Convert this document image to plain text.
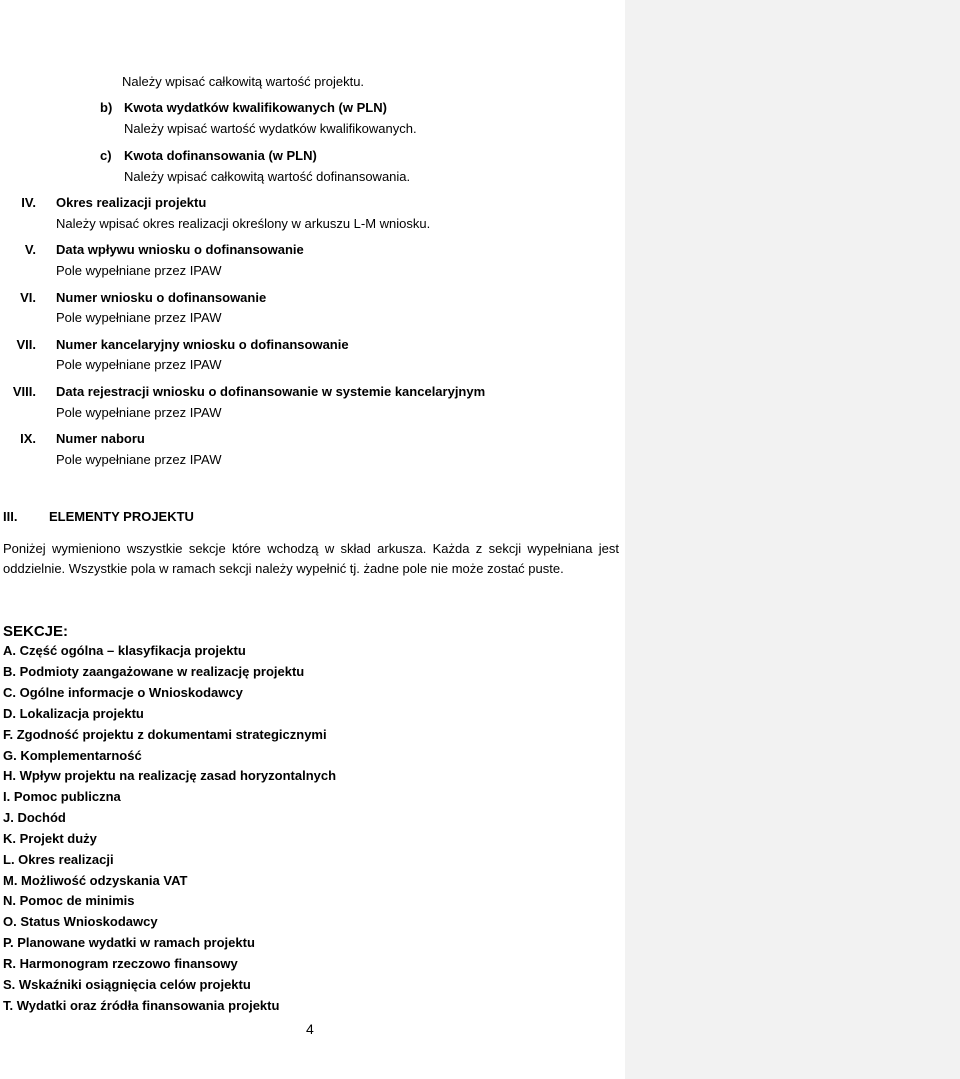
Należy wpisać całkowitą wartość projektu.
b) Kwota wydatków kwalifikowanych (w PLN)
Należy wpisać wartość wydatków kwalifikowanych.
c) Kwota dofinansowania (w PLN)
Należy wpisać całkowitą wartość dofinansowania.
IV. Okres realizacji projektu
Należy wpisać okres realizacji określony w arkuszu L-M wniosku.
V. Data wpływu wniosku o dofinansowanie
Pole wypełniane przez IPAW
VI. Numer wniosku o dofinansowanie
Pole wypełniane przez IPAW
VII. Numer kancelaryjny wniosku o dofinansowanie
Pole wypełniane przez IPAW
VIII. Data rejestracji wniosku o dofinansowanie w systemie kancelaryjnym
Pole wypełniane przez IPAW
IX. Numer naboru
Pole wypełniane przez IPAW
III. ELEMENTY PROJEKTU
Poniżej wymieniono wszystkie sekcje które wchodzą w skład arkusza. Każda z sekcji wypełniana jest oddzielnie. Wszystkie pola w ramach sekcji należy wypełnić tj. żadne pole nie może zostać puste.
SEKCJE:
A. Część ogólna – klasyfikacja projektu
B. Podmioty zaangażowane w realizację projektu
C. Ogólne informacje o Wnioskodawcy
D. Lokalizacja projektu
F. Zgodność projektu z dokumentami strategicznymi
G. Komplementarność
H. Wpływ projektu na realizację zasad horyzontalnych
I. Pomoc publiczna
J. Dochód
K. Projekt duży
L. Okres realizacji
M. Możliwość odzyskania VAT
N. Pomoc de minimis
O. Status Wnioskodawcy
P. Planowane wydatki w ramach projektu
R. Harmonogram rzeczowo finansowy
S. Wskaźniki osiągnięcia celów projektu
T. Wydatki oraz źródła finansowania projektu
4
